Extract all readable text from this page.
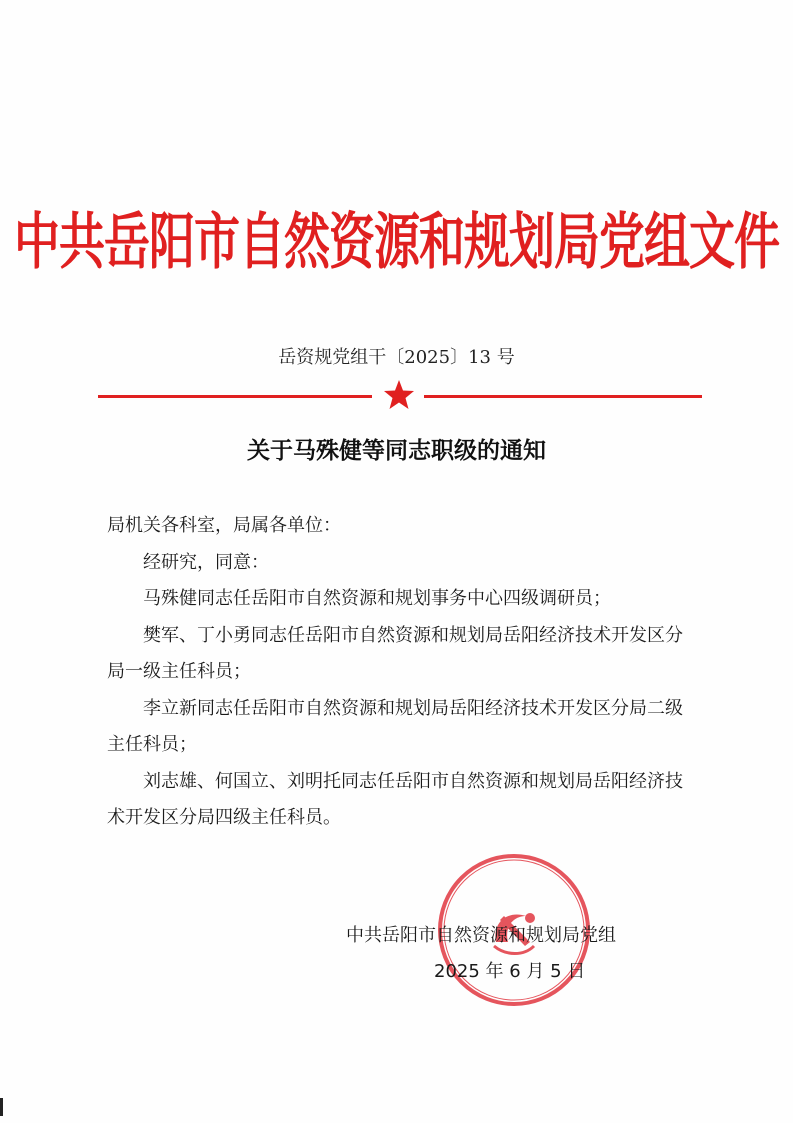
中共岳阳市自然资源和规划局党组文件
岳资规党组干〔2025〕13 号
关于马殊健等同志职级的通知

局机关各科室，局属各单位：

经研究，同意：

马殊健同志任岳阳市自然资源和规划事务中心四级调研员；

樊军、丁小勇同志任岳阳市自然资源和规划局岳阳经济技术开发区分局一级主任科员；

李立新同志任岳阳市自然资源和规划局岳阳经济技术开发区分局二级主任科员；

刘志雄、何国立、刘明托同志任岳阳市自然资源和规划局岳阳经济技术开发区分局四级主任科员。

中共岳阳市自然资源和规划局党组
2025 年 6 月 5 日
